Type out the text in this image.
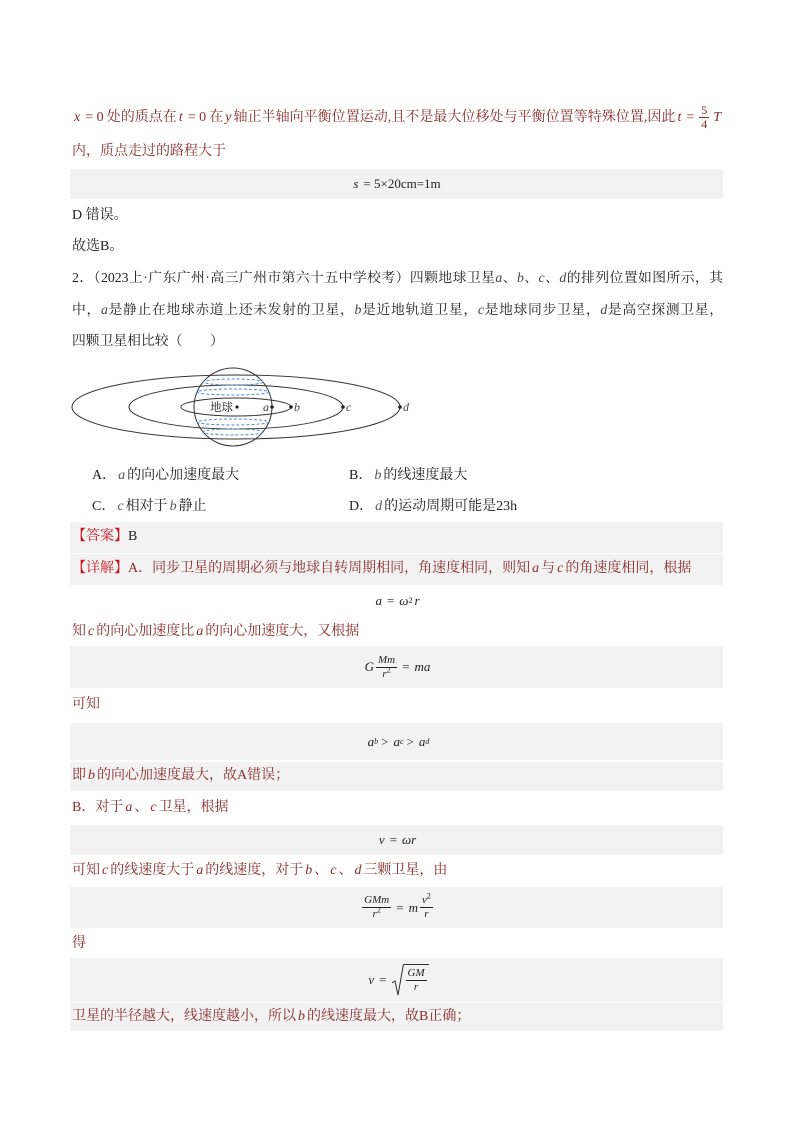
x = 0 处的质点在 t = 0 在 y 轴正半轴向平衡位置运动,且不是最大位移处与平衡位置等特殊位置,因此 $t = \frac{5}{4}$ T
内，质点走过的路程大于
s = 5×20cm=1m
D 错误。
故选B。
2．（2023上·广东广州·高三广州市第六十五中学校考）四颗地球卫星a、b、c、d的排列位置如图所示，其
中，a是静止在地球赤道上还未发射的卫星，b是近地轨道卫星，c是地球同步卫星，d是高空探测卫星，
四颗卫星相比较（　　）
地球	a b	c	d
A． a 的向心加速度最大	B． b 的线速度最大
C． c 相对于 b 静止	D． d 的运动周期可能是23h
【答案】B
【详解】A．同步卫星的周期必须与地球自转周期相同，角速度相同，则知 a 与 c 的角速度相同，根据
a = ω 2 r
知 c 的向心加速度比 a 的向心加速度大，又根据
G $\frac{Mm}{r^2}$ = ma
可知
a b > a c > a d
即 b 的向心加速度最大，故A错误；
B．对于 a 、 c 卫星，根据
v = ω r
可知 c 的线速度大于 a 的线速度，对于 b 、 c 、 d 三颗卫星，由
$\frac{\text{GMm}}{r^2} = m \frac{v^2}{r}$
得
$v = \frac{GM}{r}$
卫星的半径越大，线速度越小，所以 b 的线速度最大，故B正确；
